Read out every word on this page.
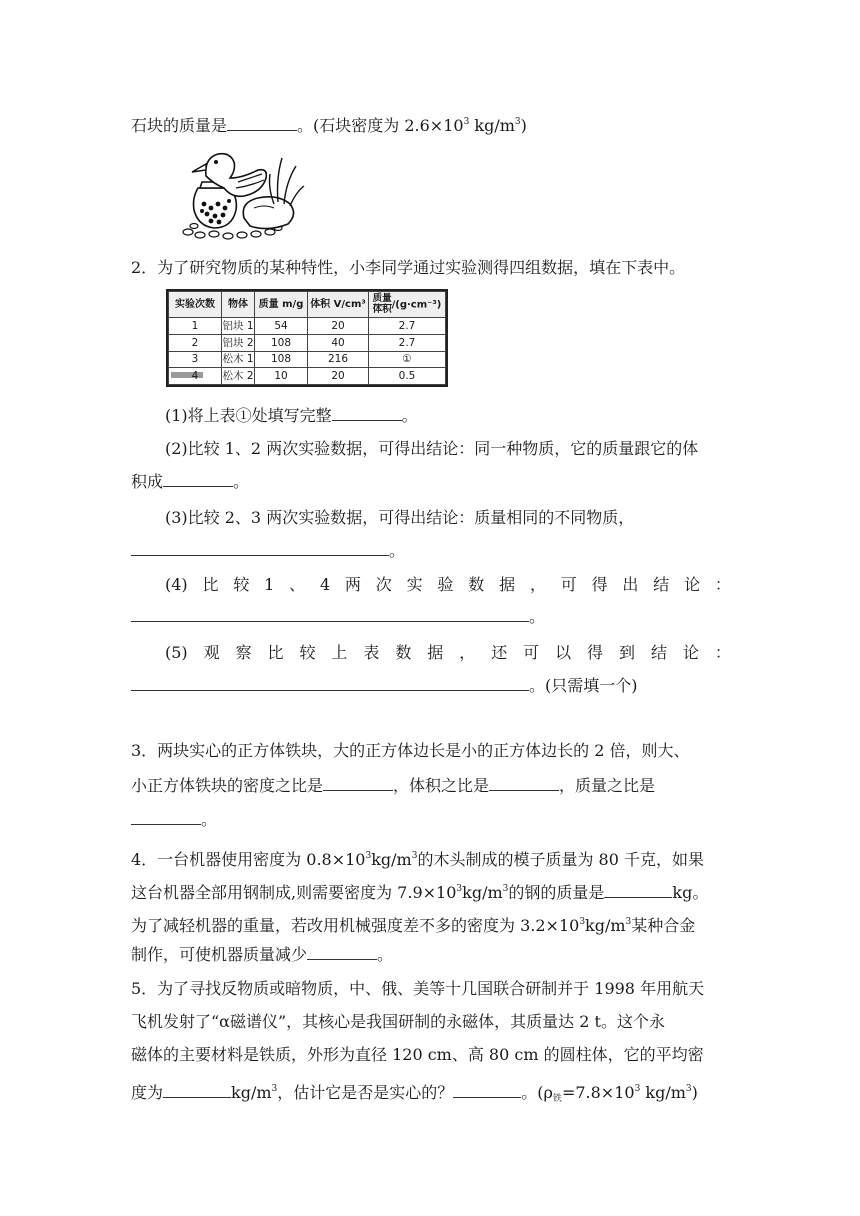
石块的质量是	。(石块密度为 $2.6\times 10^3$ $kg/m^3$)
2．为了研究物质的某种特性，小李同学通过实验测得四组数据，填在下表中。
实验次数	物体	质量 m/g	体积 V/cm³	$\frac{\text{质量}}{\text{体积}} /(g\cdot cm^{-3})$
1	铝块 1	54	20	2.7
2	铝块 2	108	40	2.7
3	松木 1	108	216	①

4	松木 2	10	20	0.5
(1)将上表①处填写完整	。
(2)比较 1、2 两次实验数据，可得出结论：同一种物质，它的质量跟它的体
积成	。
(3)比较 2、3 两次实验数据，可得出结论：质量相同的不同物质，
。
(4) 比 较 1 、 4 两 次 实 验 数 据 ， 可 得 出 结 论 ：
。
(5) 观 察 比 较 上 表 数 据 ， 还 可 以 得 到 结 论 ：
。(只需填一个)
3．两块实心的正方体铁块，大的正方体边长是小的正方体边长的 2 倍，则大、
小正方体铁块的密度之比是	，体积之比是	，质量之比是
。
4．一台机器使用密度为 $0.8\times 10^3kg/m^3$的木头制成的模子质量为 80 千克，如果
这台机器全部用钢制成,则需要密度为 $7.9\times 10^3kg/m^3$的钢的质量是	kg。
为了减轻机器的重量，若改用机械强度差不多的密度为 $3.2\times 10^3kg/m^3$某种合金
制作，可使机器质量减少	。
5．为了寻找反物质或暗物质，中、俄、美等十几国联合研制并于 1998 年用航天
飞机发射了“α磁谱仪”，其核心是我国研制的永磁体，其质量达 2 t。这个永
磁体的主要材料是铁质，外形为直径 120 cm、高 80 cm 的圆柱体，它的平均密
度为	$kg/m^3$，估计它是否是实心的？	。($\rho_铁=7.8\times 10^3$ $kg/m^3$)
